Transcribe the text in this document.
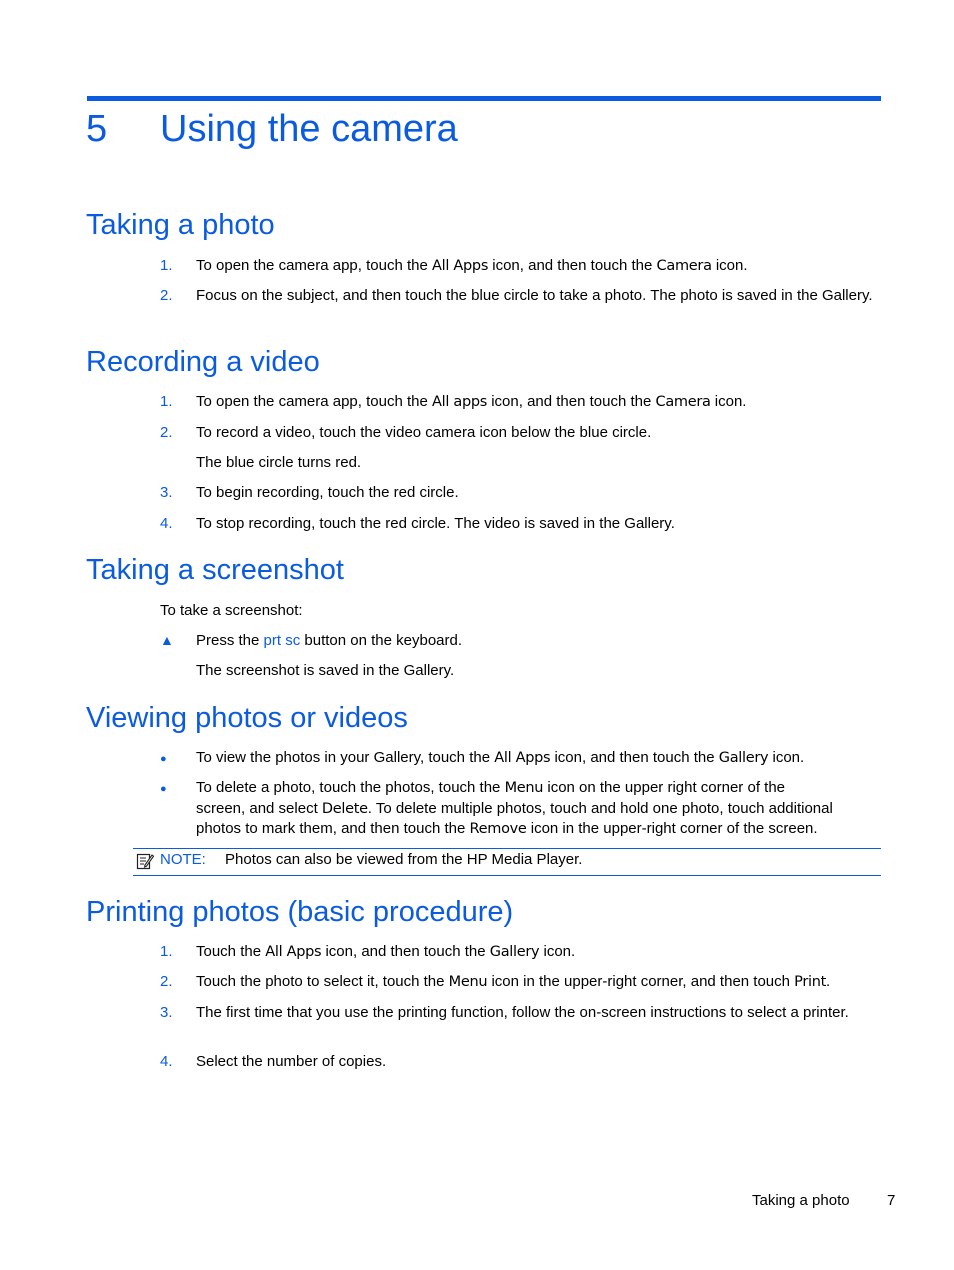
5 Using the camera
Taking a photo
1. To open the camera app, touch the All Apps icon, and then touch the Camera icon.
2. Focus on the subject, and then touch the blue circle to take a photo. The photo is saved in the Gallery.
Recording a video
1. To open the camera app, touch the All apps icon, and then touch the Camera icon.
2. To record a video, touch the video camera icon below the blue circle.
The blue circle turns red.
3. To begin recording, touch the red circle.
4. To stop recording, touch the red circle. The video is saved in the Gallery.
Taking a screenshot
To take a screenshot:
▲ Press the prt sc button on the keyboard.
The screenshot is saved in the Gallery.
Viewing photos or videos
● To view the photos in your Gallery, touch the All Apps icon, and then touch the Gallery icon.
● To delete a photo, touch the photos, touch the Menu icon on the upper right corner of the
screen, and select Delete. To delete multiple photos, touch and hold one photo, touch additional
photos to mark them, and then touch the Remove icon in the upper-right corner of the screen.
NOTE: Photos can also be viewed from the HP Media Player.
Printing photos (basic procedure)
1. Touch the All Apps icon, and then touch the Gallery icon.
2. Touch the photo to select it, touch the Menu icon in the upper-right corner, and then touch Print.
3. The first time that you use the printing function, follow the on-screen instructions to select a printer.
4. Select the number of copies.
Taking a photo 7
